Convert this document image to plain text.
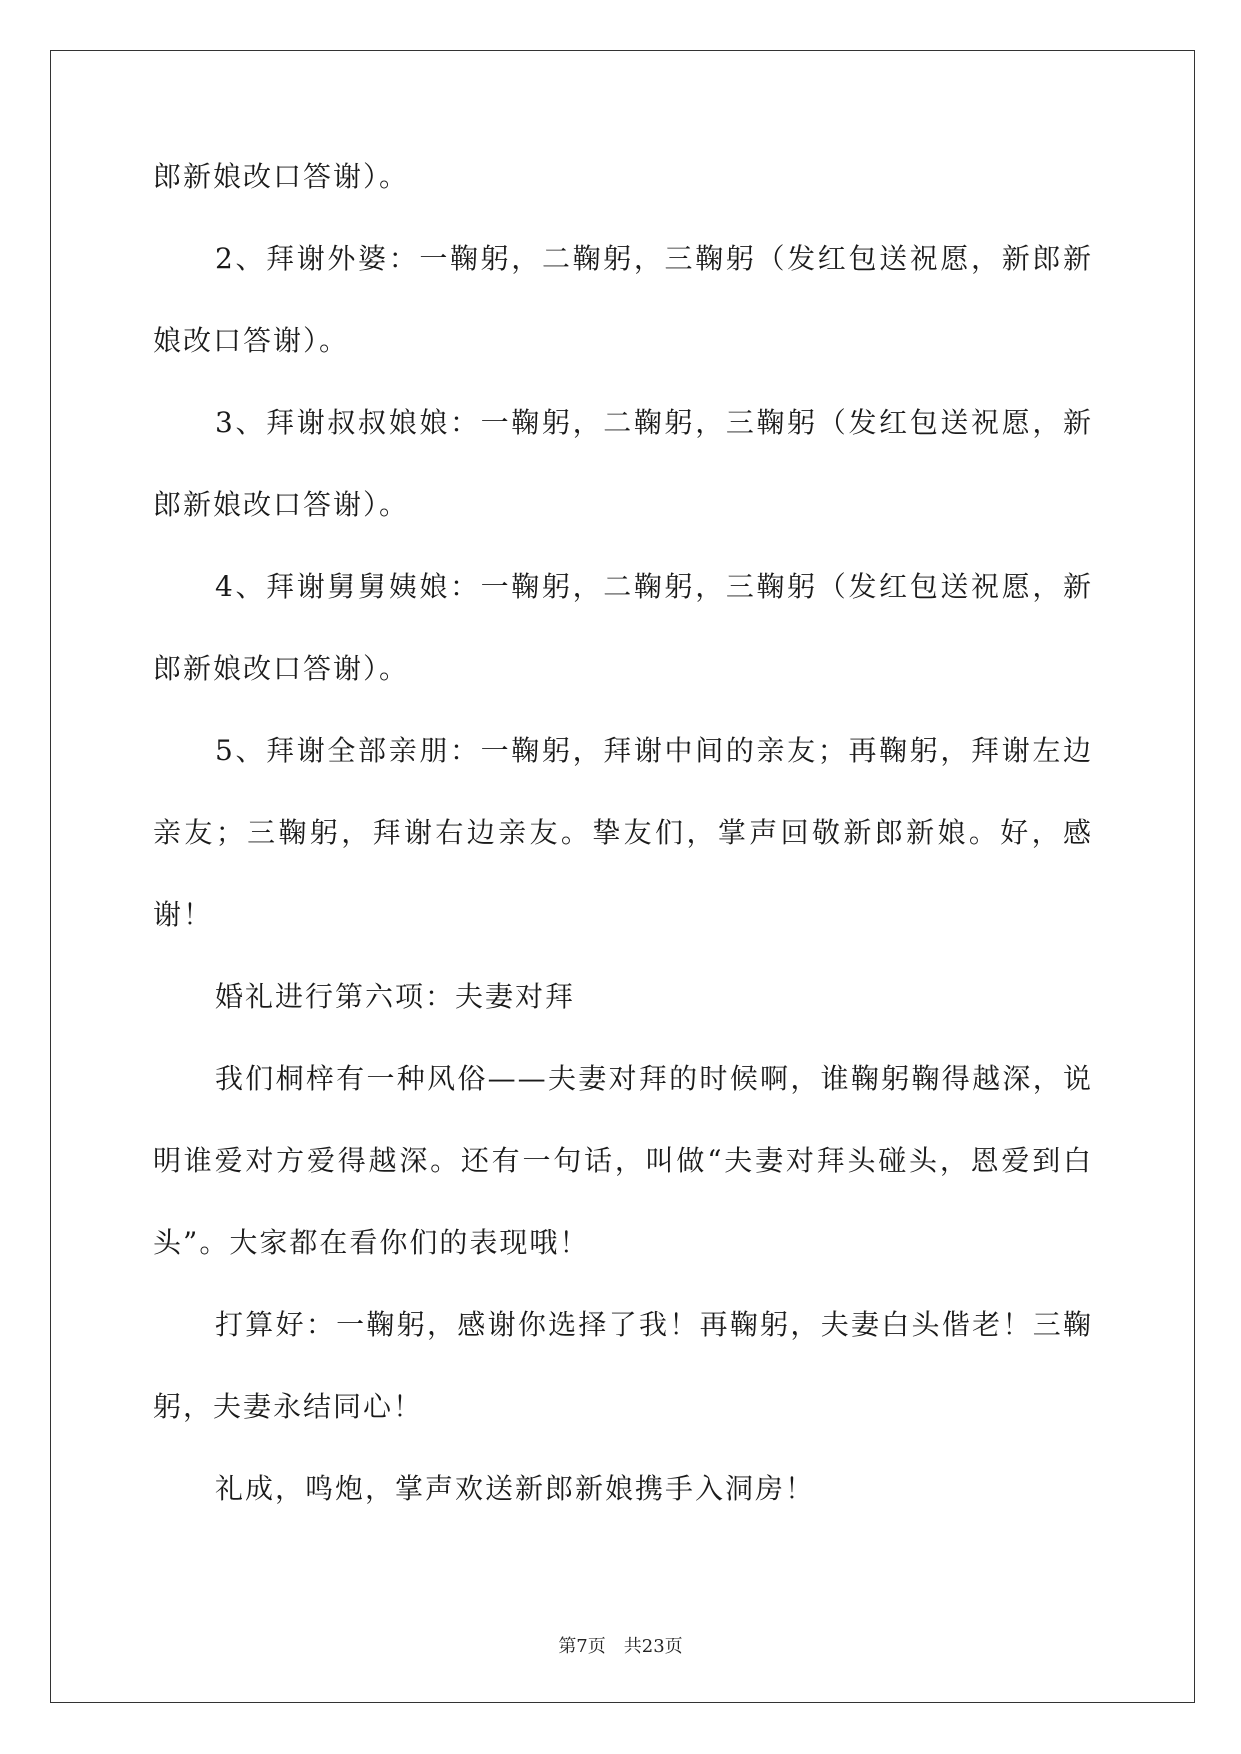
郎新娘改口答谢）。

2、拜谢外婆：一鞠躬，二鞠躬，三鞠躬（发红包送祝愿，新郎新娘改口答谢）。

3、拜谢叔叔娘娘：一鞠躬，二鞠躬，三鞠躬（发红包送祝愿，新郎新娘改口答谢）。

4、拜谢舅舅姨娘：一鞠躬，二鞠躬，三鞠躬（发红包送祝愿，新郎新娘改口答谢）。

5、拜谢全部亲朋：一鞠躬，拜谢中间的亲友；再鞠躬，拜谢左边亲友；三鞠躬，拜谢右边亲友。挚友们，掌声回敬新郎新娘。好，感谢！

婚礼进行第六项：夫妻对拜

我们桐梓有一种风俗——夫妻对拜的时候啊，谁鞠躬鞠得越深，说明谁爱对方爱得越深。还有一句话，叫做“夫妻对拜头碰头，恩爱到白头”。大家都在看你们的表现哦！

打算好：一鞠躬，感谢你选择了我！再鞠躬，夫妻白头偕老！三鞠躬，夫妻永结同心！

礼成，鸣炮，掌声欢送新郎新娘携手入洞房！

第7页 共23页
